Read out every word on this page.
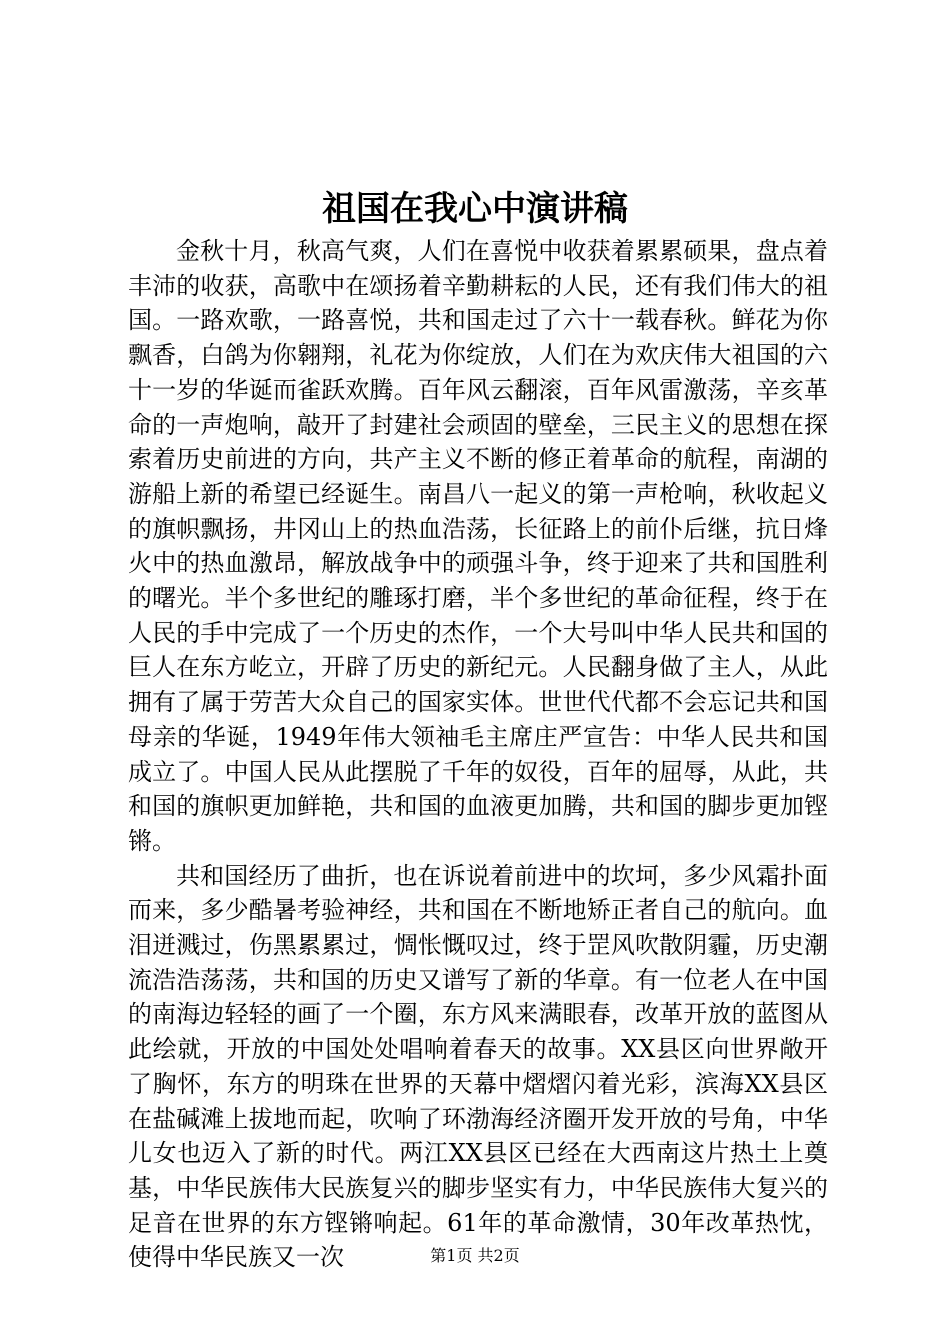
祖国在我心中演讲稿

金秋十月，秋高气爽，人们在喜悦中收获着累累硕果，盘点着丰沛的收获，高歌中在颂扬着辛勤耕耘的人民，还有我们伟大的祖国。一路欢歌，一路喜悦，共和国走过了六十一载春秋。鲜花为你飘香，白鸽为你翱翔，礼花为你绽放，人们在为欢庆伟大祖国的六十一岁的华诞而雀跃欢腾。百年风云翻滚，百年风雷激荡，辛亥革命的一声炮响，敲开了封建社会顽固的壁垒，三民主义的思想在探索着历史前进的方向，共产主义不断的修正着革命的航程，南湖的游船上新的希望已经诞生。南昌八一起义的第一声枪响，秋收起义的旗帜飘扬，井冈山上的热血浩荡，长征路上的前仆后继，抗日烽火中的热血激昂，解放战争中的顽强斗争，终于迎来了共和国胜利的曙光。半个多世纪的雕琢打磨，半个多世纪的革命征程，终于在人民的手中完成了一个历史的杰作，一个大号叫中华人民共和国的巨人在东方屹立，开辟了历史的新纪元。人民翻身做了主人，从此拥有了属于劳苦大众自己的国家实体。世世代代都不会忘记共和国母亲的华诞，1949年伟大领袖毛主席庄严宣告：中华人民共和国成立了。中国人民从此摆脱了千年的奴役，百年的屈辱，从此，共和国的旗帜更加鲜艳，共和国的血液更加腾，共和国的脚步更加铿锵。

共和国经历了曲折，也在诉说着前进中的坎坷，多少风霜扑面而来，多少酷暑考验神经，共和国在不断地矫正者自己的航向。血泪迸溅过，伤黑累累过，惆怅慨叹过，终于罡风吹散阴霾，历史潮流浩浩荡荡，共和国的历史又谱写了新的华章。有一位老人在中国的南海边轻轻的画了一个圈，东方风来满眼春，改革开放的蓝图从此绘就，开放的中国处处唱响着春天的故事。XX县区向世界敞开了胸怀，东方的明珠在世界的天幕中熠熠闪着光彩，滨海XX县区在盐碱滩上拔地而起，吹响了环渤海经济圈开发开放的号角，中华儿女也迈入了新的时代。两江XX县区已经在大西南这片热土上奠基，中华民族伟大民族复兴的脚步坚实有力，中华民族伟大复兴的足音在世界的东方铿锵响起。61年的革命激情，30年改革热忱，使得中华民族又一次	第1页 共2页
